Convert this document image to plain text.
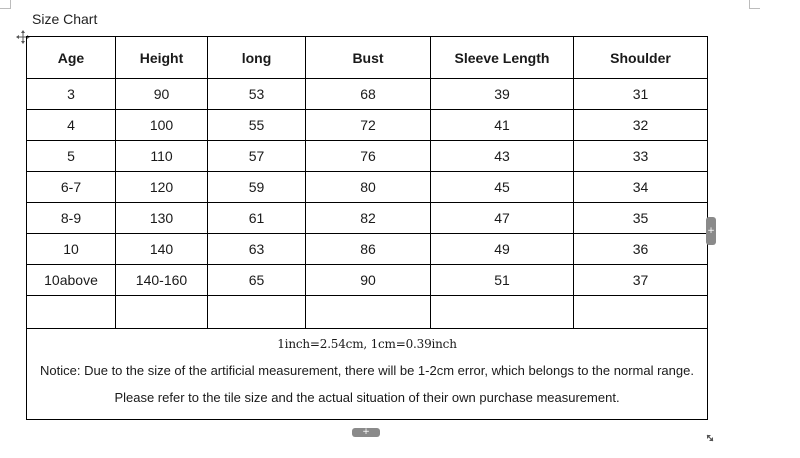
Size Chart
Age	Height	long	Bust	Sleeve Length	Shoulder
3	90	53	68	39	31
4	100	55	72	41	32
5	110	57	76	43	33
6-7	120	59	80	45	34
8-9	130	61	82	47	35
10	140	63	86	49	36
10above	140-160	65	90	51	37

1inch=2.54cm, 1cm=0.39inch
Notice: Due to the size of the artificial measurement, there will be 1-2cm error, which belongs to the normal range.
Please refer to the tile size and the actual situation of their own purchase measurement.					
+
+
